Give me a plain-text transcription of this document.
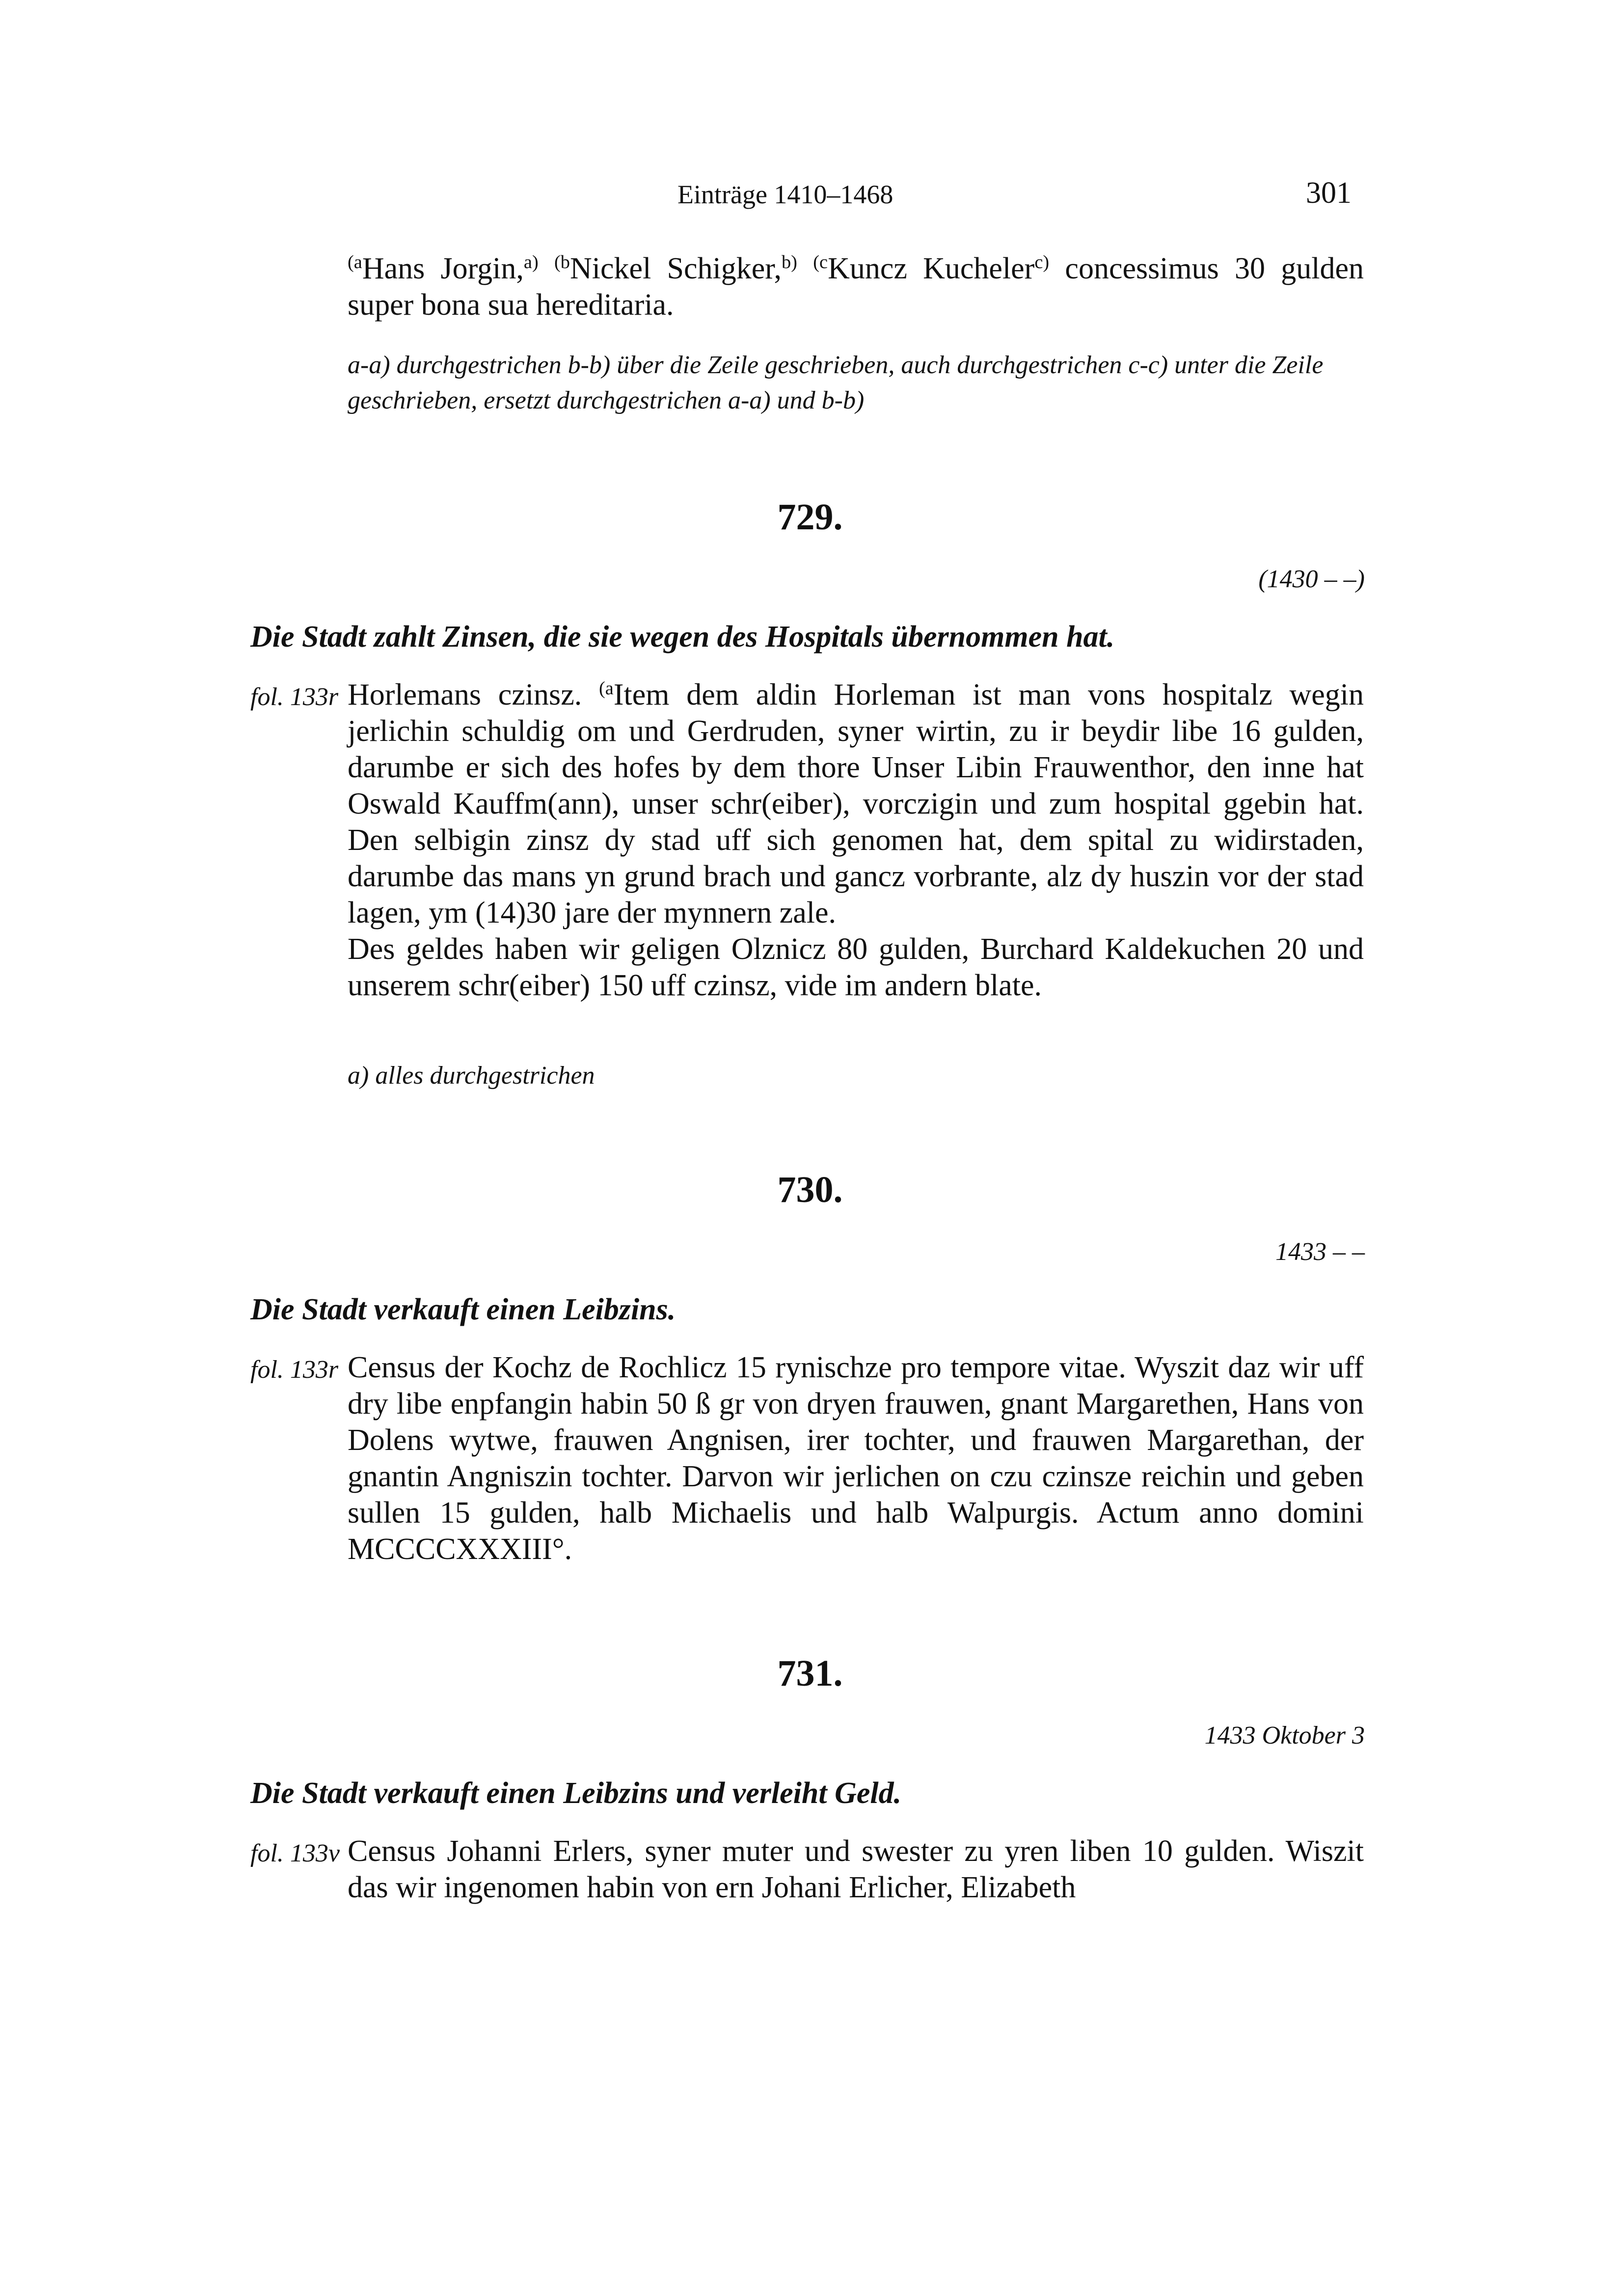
Einträge 1410–1468	301
$^{(a}$Hans Jorgin,$^{a)}$ $^{(b}$Nickel Schigker,$^{b)}$ $^{(c}$Kuncz Kucheler$^{c)}$ concessimus 30 gulden super bona sua hereditaria.
a-a) durchgestrichen b-b) über die Zeile geschrieben, auch durchgestrichen c-c) unter die Zeile geschrieben, ersetzt durchgestrichen a-a) und b-b)
729.
(1430 – –)
Die Stadt zahlt Zinsen, die sie wegen des Hospitals übernommen hat.
fol. 133r Horlemans czinsz. $^{(a}$Item dem aldin Horleman ist man vons hospitalz wegin jerlichin schuldig om und Gerdruden, syner wirtin, zu ir beydir libe 16 gulden, darumbe er sich des hofes by dem thore Unser Libin Frauwenthor, den inne hat Oswald Kauffm(ann), unser schr(eiber), vorczigin und zum hospital ggebin hat. Den selbigin zinsz dy stad uff sich genomen hat, dem spital zu widirstaden, darumbe das mans yn grund brach und gancz vorbrante, alz dy huszin vor der stad lagen, ym (14)30 jare der mynnern zale.
Des geldes haben wir geligen Olznicz 80 gulden, Burchard Kaldekuchen 20 und unserem schr(eiber) 150 uff czinsz, vide im andern blate.
a) alles durchgestrichen
730.
1433 – –
Die Stadt verkauft einen Leibzins.
fol. 133r Census der Kochz de Rochlicz 15 rynischze pro tempore vitae. Wyszit daz wir uff dry libe enpfangin habin 50 ß gr von dryen frauwen, gnant Margarethen, Hans von Dolens wytwe, frauwen Angnisen, irer tochter, und frauwen Margarethan, der gnantin Angniszin tochter. Darvon wir jerlichen on czu czinsze reichin und geben sullen 15 gulden, halb Michaelis und halb Walpurgis. Actum anno domini MCCCCXXXIII°.
731.
1433 Oktober 3
Die Stadt verkauft einen Leibzins und verleiht Geld.
fol. 133v Census Johanni Erlers, syner muter und swester zu yren liben 10 gulden. Wiszit das wir ingenomen habin von ern Johani Erlicher, Elizabeth
